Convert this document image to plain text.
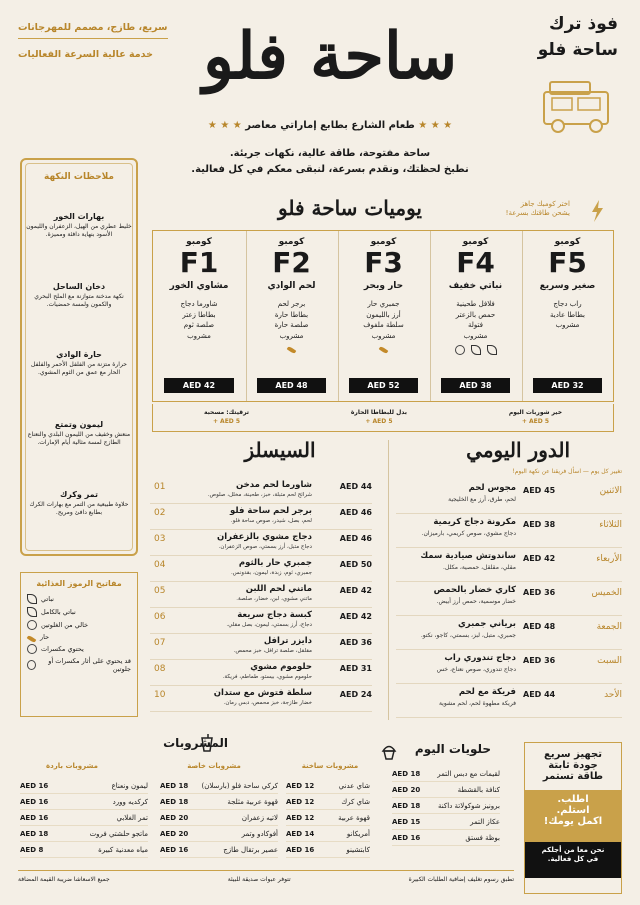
سريع، طازج، مصمم للمهرجانات
خدمة عالية السرعة الفعاليات
فوذ ترك
ساحة فلو
ساحة فلو
★ ★ ★ طعام الشارع بطابع إماراتي معاصر ★ ★ ★
ساحة مفتوحة، طاقة عالية، نكهات جريئة.
نطبخ لحظتك، ونقدم بسرعة، لنبقى معكم في كل فعالية.
ملاحظات النكهة
بهارات الخور
خليط عطري من الهيل، الزعفران والليمون الأسود بنهاية دافئة ومميزة.
دخان الساحل
نكهة مدخنة متوازنة مع الملح البحري والكمون ولمسة حمضيات.
حارة الوادي
حرارة متزنة من الفلفل الأحمر والفلفل الحار مع عمق من الثوم المشوي.
ليمون وتمتع
منعش وخفيف من الليمون البلدي والنعناع الطازج لمسة مثالية أيام الإمارات.
تمر وكرك
حلاوة طبيعية من التمر مع بهارات الكرك بطابع دافئ ومريح.
مفاتيح الرموز الغذائية
نباتي
نباتي بالكامل
خالي من الغلوتين
حار
يحتوي مكسرات
قد يحتوي على أثار مكسرات أو جلوتين
اختر كومبك جاهز
يشحن طاقتك بسرعة!
يوميات ساحة فلو
كومبو
F5
صغير وسريع
راب دجاج
بطاطا عادية
مشروب
AED 32
كومبو
F4
نباتي خفيف
فلافل طحينية
حمص بالزعتر
فتولة
مشروب
AED 38
كومبو
F3
حار وبحر
جمبري حار
أرز بالليمون
سلطة ملفوف
مشروب
AED 52
كومبو
F2
لحم الوادي
برجر لحم
بطاطا حارة
صلصة حارة
مشروب
AED 48
كومبو
F1
مشاوي الخور
شاورما دجاج
بطاطا زعتر
صلصة ثوم
مشروب
AED 42
خير شوربات اليوم
+ AED 5
بدل للبطاطا الحارة
+ AED 5
ترقيتك: مسحبة
+ AED 5
الدور اليومي
تغيير كل يوم — اسأل فريقنا عن نكهة اليوم!
الاثنين
AED 45
مجوس لحم
لحم، طرق، أرز مع الخليجية
الثلاثاء
AED 38
مكرونة دجاج كريمية
دجاج مشوي، صوص كريمي، بارميزان.
الأربعاء
AED 42
ساندوتش صيادية سمك
مقلي، مقلقل، حمصية، مكلل.
الخميس
AED 36
كاري خضار بالحمص
خضار موسمية، حمص أرز أبيض.
الجمعة
AED 48
برياني جمبري
جمبري، متبل، لبز، بسمتي، كاجو، نكتو.
السبت
AED 36
دجاج تندوري راب
دجاج تندوري، صوص نعناع، خس
الأحد
AED 44
فريكة مع لحم
فريكة مطهوة لحم، لحم مشوية
السيسلز
AED 44
شاورما لحم مدخن
شرائح لحم متبلة، خبز، طحينة، مخلل، صلوص.
01
AED 46
برجر لحم ساحة فلو
لحم، بصل، شيدر، صوص ساحة فلو.
02
AED 46
دجاج مشوي بالزعفران
دجاج متبل، أرز بسمتي، صوص الزعفران.
03
AED 50
جمبري حار بالثوم
جمبري، ثوم، زبدة، ليمون، بقدونس.
04
AED 42
ماتني لحم اللبن
ماتني مشوي، لبن، خضار، صلصة.
05
AED 42
كبسة دجاج سريعة
دجاج، أرز بسمتي، ليمون، بصل مقلي.
06
AED 36
دايزر ترافل
مقلقل، صلصة ترافل، خبز محمص.
07
AED 31
حلوموم مشوي
حلوموم مشوي، بيستو، طماطم، فريكة.
08
AED 24
سلطة فتوش مع ستدان
خضار طازجة، خبز محمص، دبس رمان.
10
حلويات اليوم
لقيمات مع دبس التمر
AED 18
كنافة بالقشطة
AED 20
برونيز شوكولاتة داكنة
AED 18
عكاز التمر
AED 15
بوظة فستق
AED 16
المشروبات
مشروبات ساخنة
مشروبات خاصة
مشروبات باردة
شاي عدني
AED 12
شاي كرك
AED 12
قهوة عربية
AED 12
أمريكانو
AED 14
كابتشينو
AED 16
كركي ساحة فلو (بارسلان)
AED 18
قهوة عربية مثلجة
AED 18
لاتيه زعفران
AED 20
أفوكادو وتمر
AED 20
عصير برتقال طازج
AED 16
ليمون ونعناع
AED 16
كركديه وورد
AED 16
تمر الغلابي
AED 16
ماتجو حلشتي فروت
AED 18
مياه معدنية كبيرة
AED 8
تجهيز سريع
جودة ثابتة
طاقة تستمر
اطلب.
استلم.
اكمل يومك!
نحن معا من أجلكم
في كل فعالية.
تطبق رسوم تغليف إضافية الطلبات الكبيرة
تتوفر عبوات صديقة للبيئة
جميع الاسعاشا ضريبة القيمة المضافة
